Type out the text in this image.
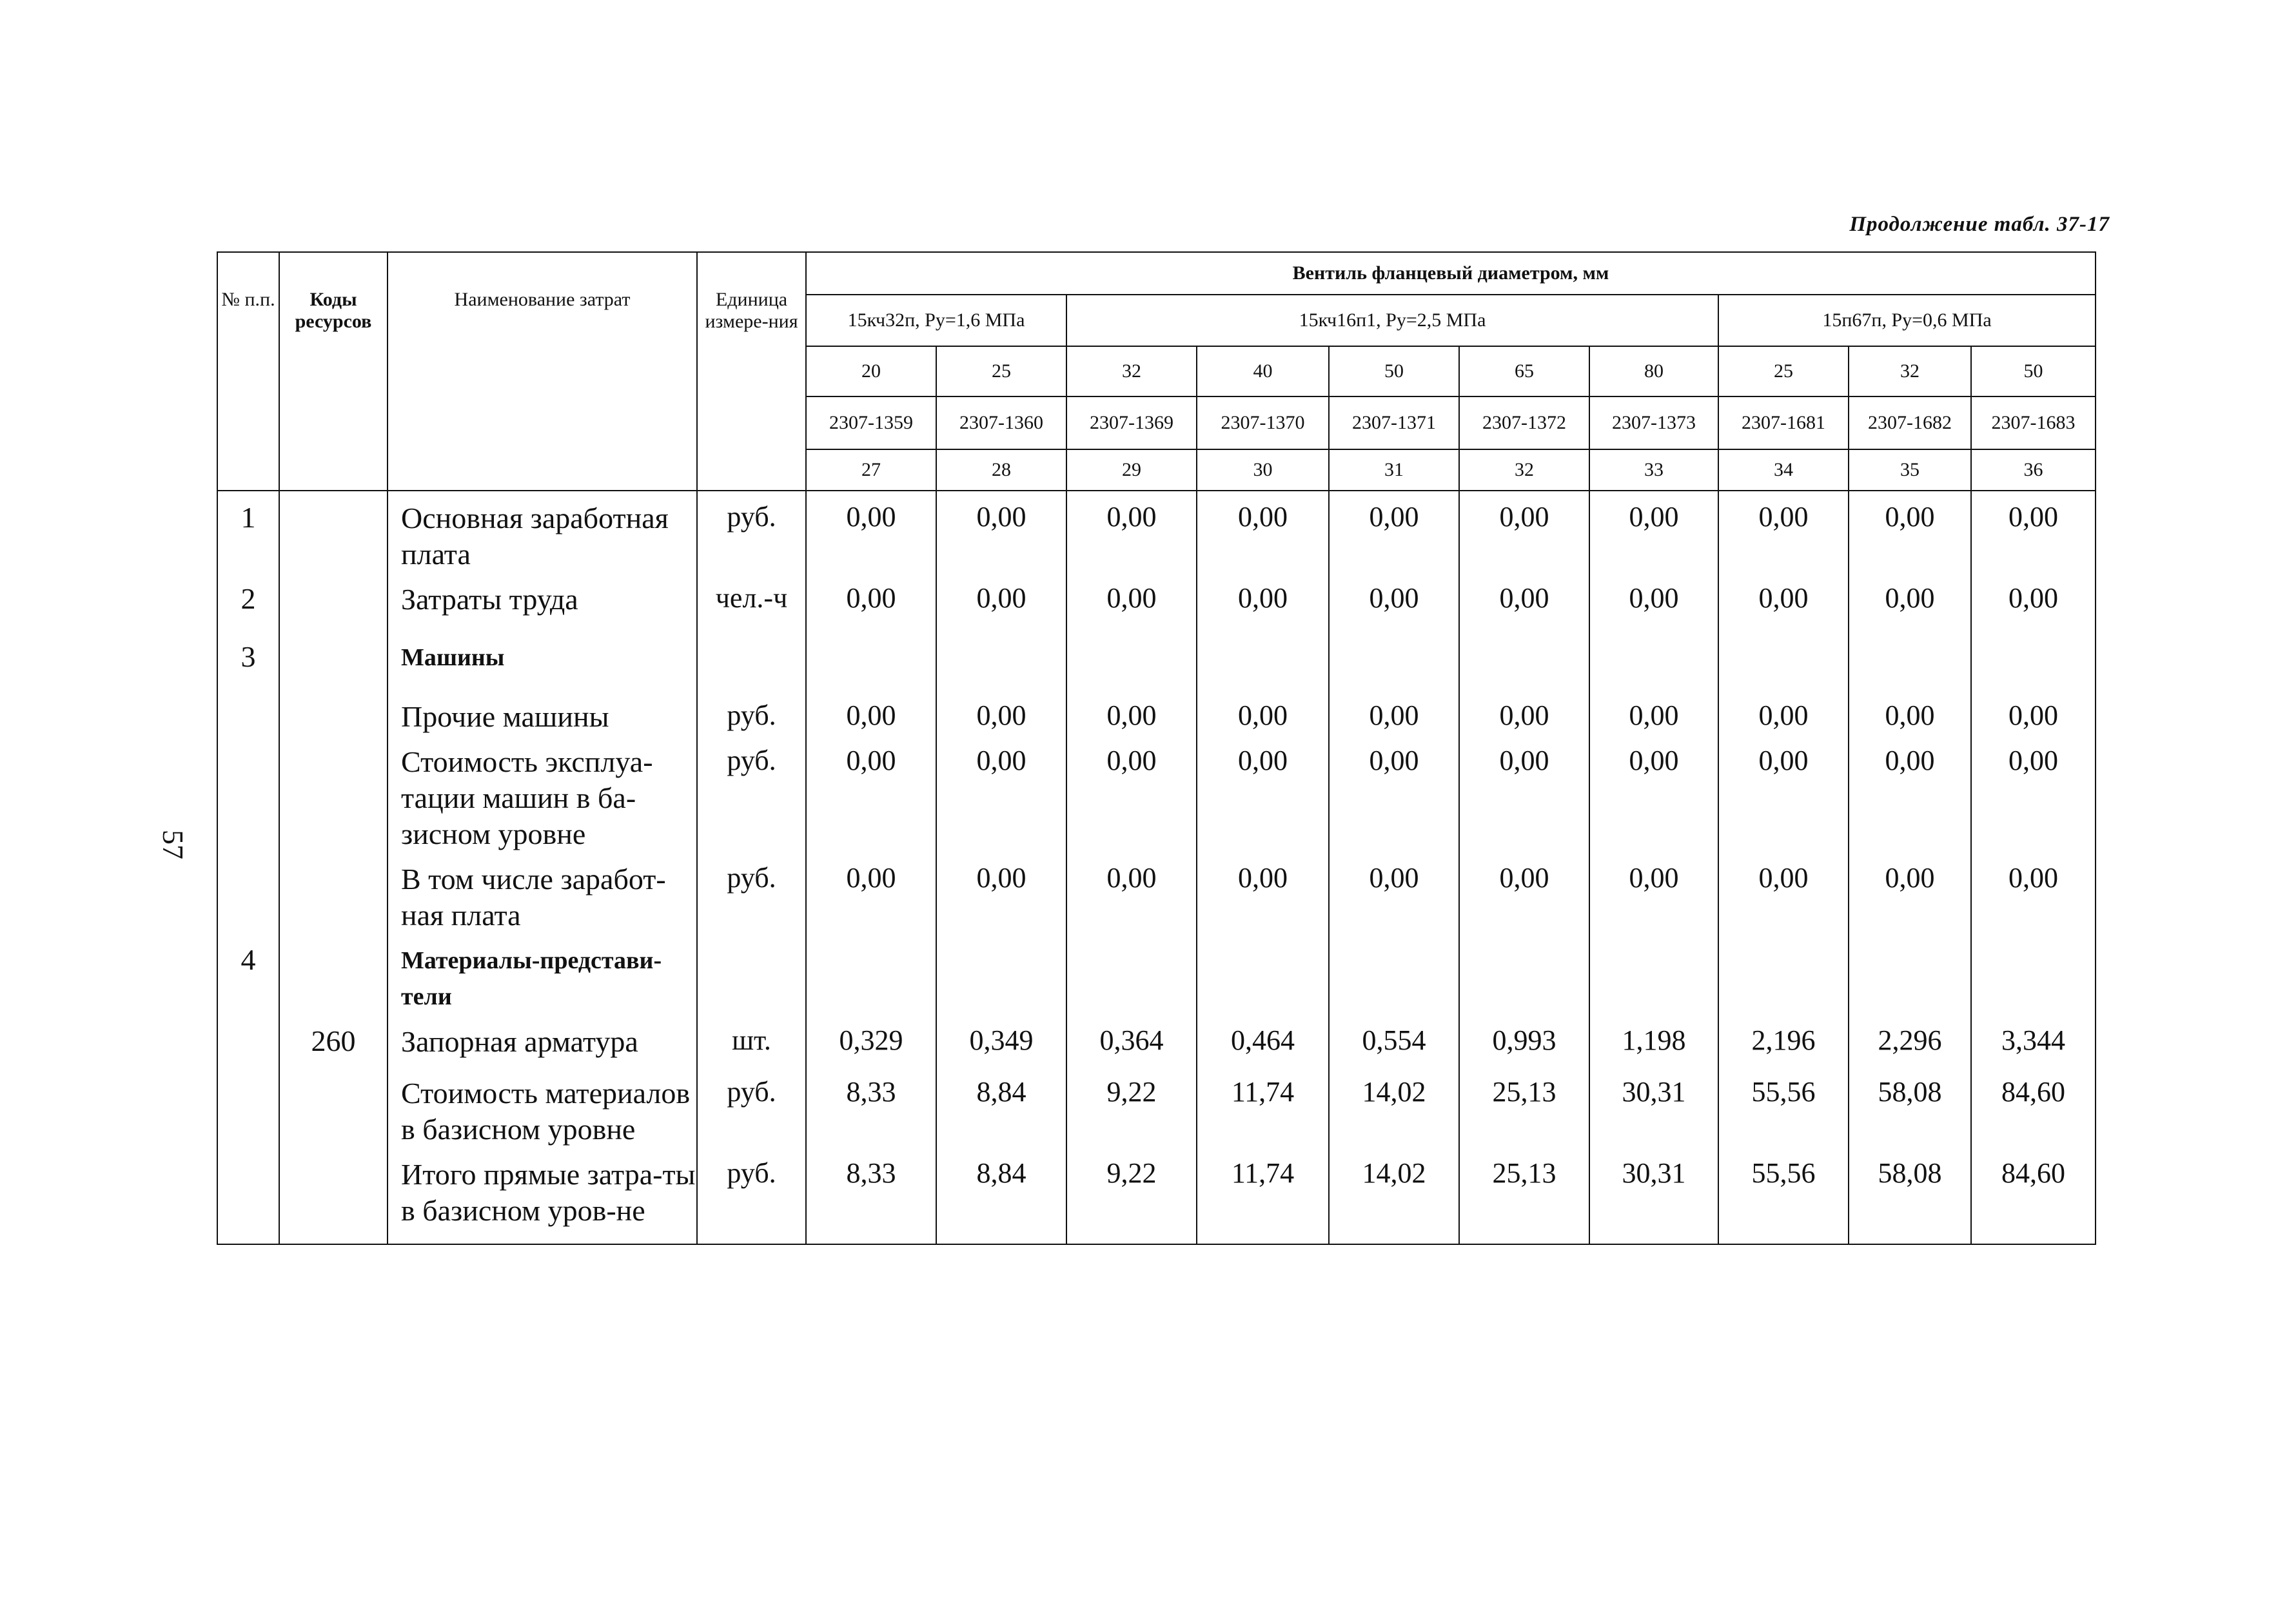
Продолжение табл. 37-17
57
№ п.п.	Коды ресурсов	Наименование затрат	Единица измере-ния	Вентиль фланцевый диаметром, мм									
				15кч32п, Ру=1,6 МПа		15кч16п1, Ру=2,5 МПа					15п67п, Ру=0,6 МПа		
				20	25	32	40	50	65	80	25	32	50
				2307-1359	2307-1360	2307-1369	2307-1370	2307-1371	2307-1372	2307-1373	2307-1681	2307-1682	2307-1683
				27	28	29	30	31	32	33	34	35	36
1		Основная заработная плата	руб.	0,00	0,00	0,00	0,00	0,00	0,00	0,00	0,00	0,00	0,00
2		Затраты труда	чел.-ч	0,00	0,00	0,00	0,00	0,00	0,00	0,00	0,00	0,00	0,00
3		Машины											
		Прочие машины	руб.	0,00	0,00	0,00	0,00	0,00	0,00	0,00	0,00	0,00	0,00
		Стоимость эксплуа-тации машин в ба-зисном уровне	руб.	0,00	0,00	0,00	0,00	0,00	0,00	0,00	0,00	0,00	0,00
		В том числе заработ-ная плата	руб.	0,00	0,00	0,00	0,00	0,00	0,00	0,00	0,00	0,00	0,00
4		Материалы-представи-тели											
	260	Запорная арматура	шт.	0,329	0,349	0,364	0,464	0,554	0,993	1,198	2,196	2,296	3,344
		Стоимость материалов в базисном уровне	руб.	8,33	8,84	9,22	11,74	14,02	25,13	30,31	55,56	58,08	84,60
		Итого прямые затра-ты в базисном уров-не	руб.	8,33	8,84	9,22	11,74	14,02	25,13	30,31	55,56	58,08	84,60
